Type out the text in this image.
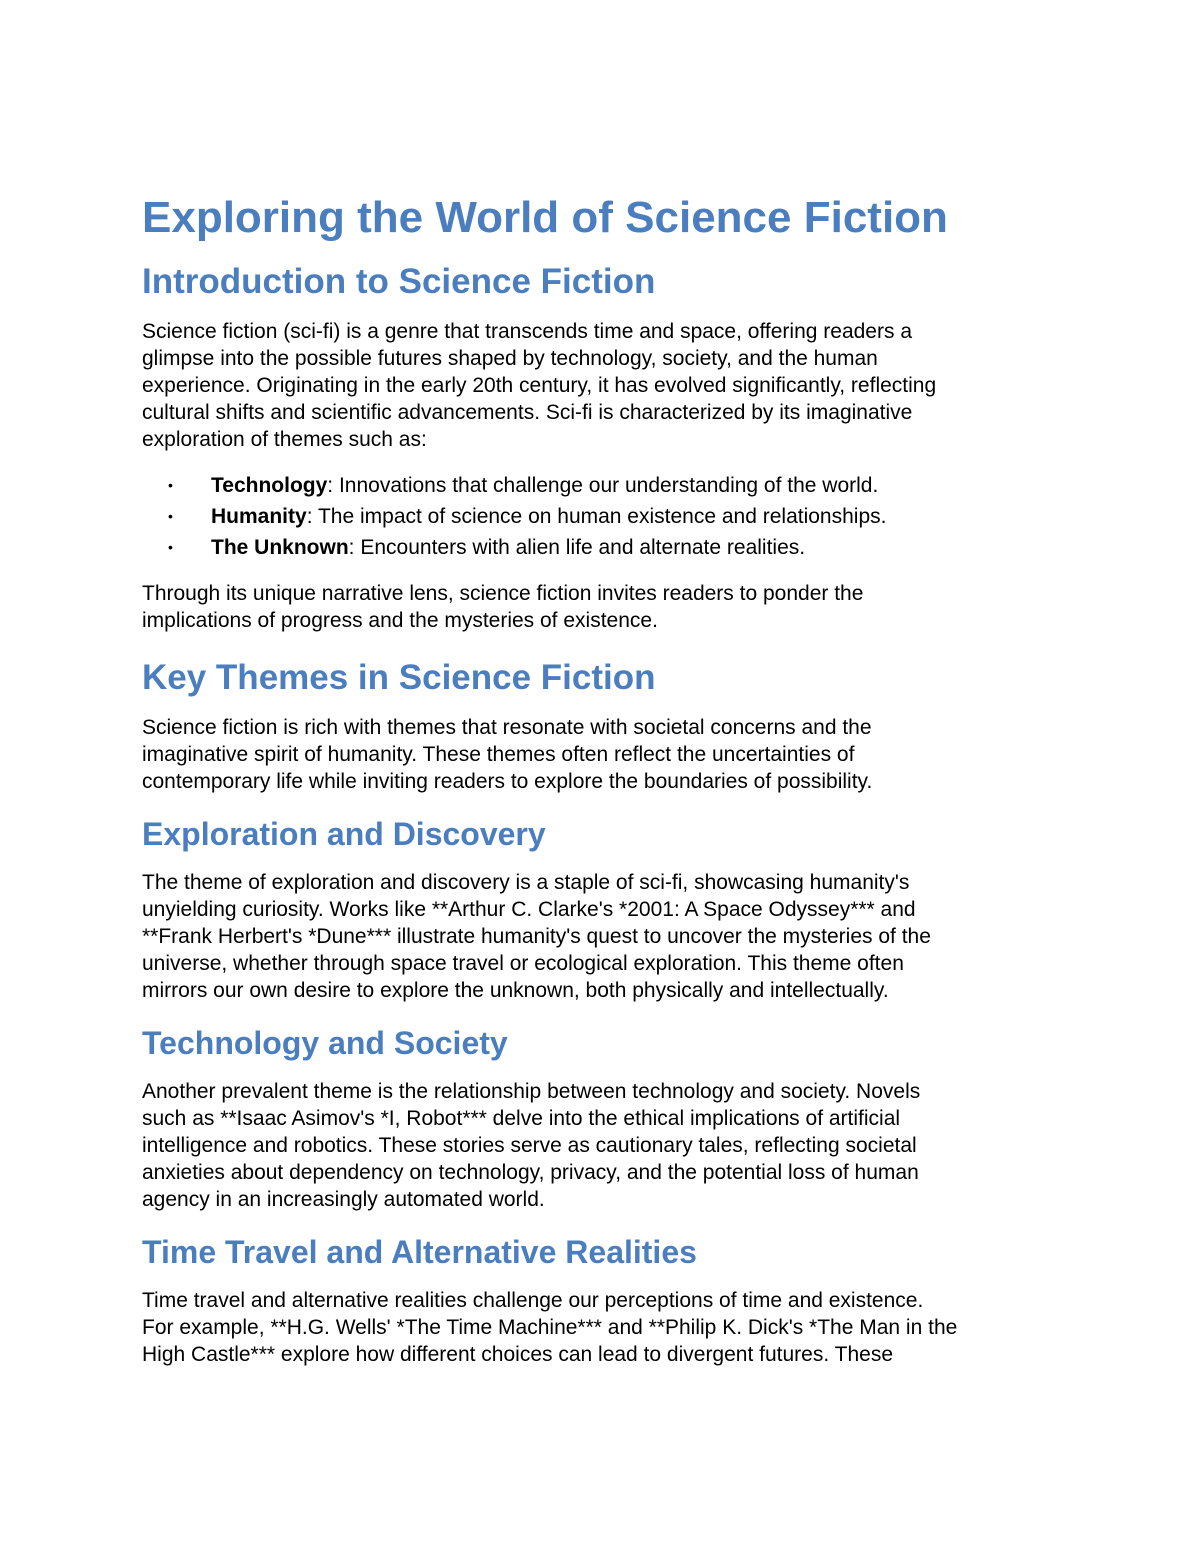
Exploring the World of Science Fiction
Introduction to Science Fiction
Science fiction (sci-fi) is a genre that transcends time and space, offering readers a
glimpse into the possible futures shaped by technology, society, and the human
experience. Originating in the early 20th century, it has evolved significantly, reflecting
cultural shifts and scientific advancements. Sci-fi is characterized by its imaginative
exploration of themes such as:
• Technology: Innovations that challenge our understanding of the world.
• Humanity: The impact of science on human existence and relationships.
• The Unknown: Encounters with alien life and alternate realities.
Through its unique narrative lens, science fiction invites readers to ponder the
implications of progress and the mysteries of existence.
Key Themes in Science Fiction
Science fiction is rich with themes that resonate with societal concerns and the
imaginative spirit of humanity. These themes often reflect the uncertainties of
contemporary life while inviting readers to explore the boundaries of possibility.
Exploration and Discovery
The theme of exploration and discovery is a staple of sci-fi, showcasing humanity's
unyielding curiosity. Works like **Arthur C. Clarke's *2001: A Space Odyssey*** and
**Frank Herbert's *Dune*** illustrate humanity's quest to uncover the mysteries of the
universe, whether through space travel or ecological exploration. This theme often
mirrors our own desire to explore the unknown, both physically and intellectually.
Technology and Society
Another prevalent theme is the relationship between technology and society. Novels
such as **Isaac Asimov's *I, Robot*** delve into the ethical implications of artificial
intelligence and robotics. These stories serve as cautionary tales, reflecting societal
anxieties about dependency on technology, privacy, and the potential loss of human
agency in an increasingly automated world.
Time Travel and Alternative Realities
Time travel and alternative realities challenge our perceptions of time and existence.
For example, **H.G. Wells' *The Time Machine*** and **Philip K. Dick's *The Man in the
High Castle*** explore how different choices can lead to divergent futures. These
